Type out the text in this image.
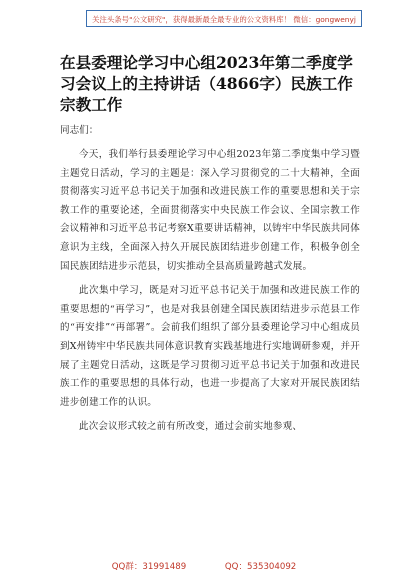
关注头条号"公文研究"，获得最新最全最专业的公文资料库！ 微信：gongwenyj
在县委理论学习中心组2023年第二季度学习会议上的主持讲话（4866字）民族工作宗教工作

同志们：

今天，我们举行县委理论学习中心组2023年第二季度集中学习暨主题党日活动，学习的主题是：深入学习贯彻党的二十大精神，全面贯彻落实习近平总书记关于加强和改进民族工作的重要思想和关于宗教工作的重要论述，全面贯彻落实中央民族工作会议、全国宗教工作会议精神和习近平总书记考察X重要讲话精神，以铸牢中华民族共同体意识为主线，全面深入持久开展民族团结进步创建工作，积极争创全国民族团结进步示范县，切实推动全县高质量跨越式发展。

此次集中学习，既是对习近平总书记关于加强和改进民族工作的重要思想的“再学习”，也是对我县创建全国民族团结进步示范县工作的“再安排”“再部署”。会前我们组织了部分县委理论学习中心组成员到X州铸牢中华民族共同体意识教育实践基地进行实地调研参观，并开展了主题党日活动，这既是学习贯彻习近平总书记关于加强和改进民族工作的重要思想的具体行动，也进一步提高了大家对开展民族团结进步创建工作的认识。

此次会议形式较之前有所改变，通过会前实地参观、

QQ群：31991489	QQ：535304092
